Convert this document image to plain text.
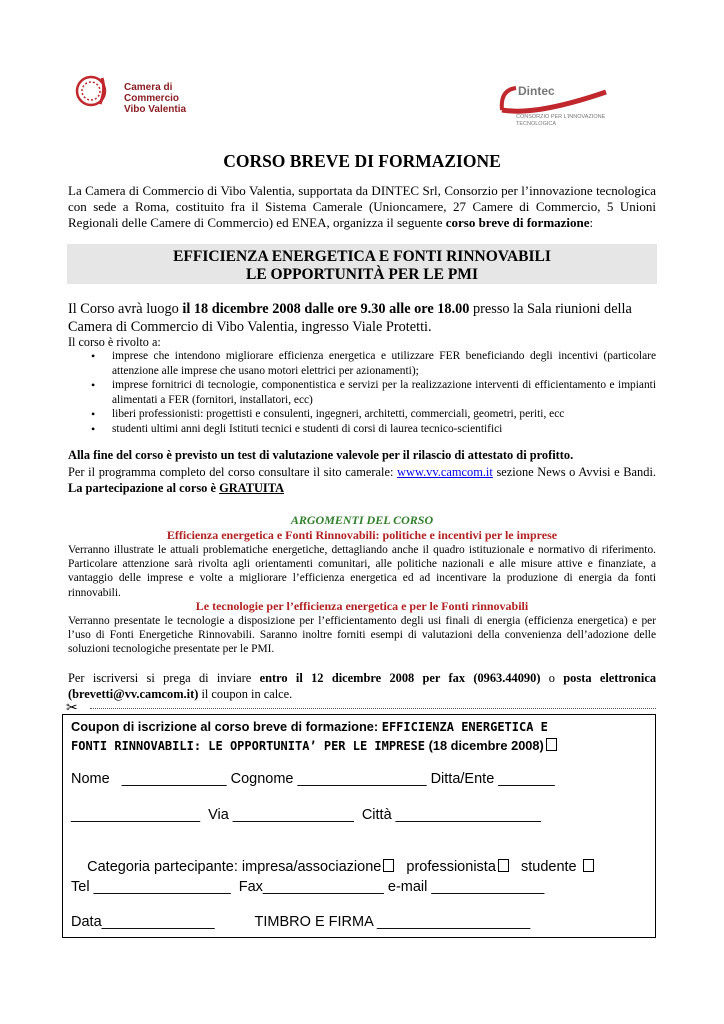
Camera di Commercio
Vibo Valentia
Dintec
CONSORZIO PER L'INNOVAZIONE
TECNOLOGICA
CORSO BREVE DI FORMAZIONE
La Camera di Commercio di Vibo Valentia, supportata da DINTEC Srl, Consorzio per l’innovazione tecnologica con sede a Roma, costituito fra il Sistema Camerale (Unioncamere, 27 Camere di Commercio, 5 Unioni Regionali delle Camere di Commercio) ed ENEA, organizza il seguente corso breve di formazione:
EFFICIENZA ENERGETICA E FONTI RINNOVABILI
LE OPPORTUNITÀ PER LE PMI
Il Corso avrà luogo il 18 dicembre 2008 dalle ore 9.30 alle ore 18.00 presso la Sala riunioni della Camera di Commercio di Vibo Valentia, ingresso Viale Protetti.
Il corso è rivolto a:
• imprese che intendono migliorare efficienza energetica e utilizzare FER beneficiando degli incentivi (particolare attenzione alle imprese che usano motori elettrici per azionamenti);
• imprese fornitrici di tecnologie, componentistica e servizi per la realizzazione interventi di efficientamento e impianti alimentati a FER (fornitori, installatori, ecc)
• liberi professionisti: progettisti e consulenti, ingegneri, architetti, commerciali, geometri, periti, ecc
• studenti ultimi anni degli Istituti tecnici e studenti di corsi di laurea tecnico-scientifici
Alla fine del corso è previsto un test di valutazione valevole per il rilascio di attestato di profitto.
Per il programma completo del corso consultare il sito camerale: www.vv.camcom.it sezione News o Avvisi e Bandi. La partecipazione al corso è GRATUITA
ARGOMENTI DEL CORSO
Efficienza energetica e Fonti Rinnovabili: politiche e incentivi per le imprese
Verranno illustrate le attuali problematiche energetiche, dettagliando anche il quadro istituzionale e normativo di riferimento. Particolare attenzione sarà rivolta agli orientamenti comunitari, alle politiche nazionali e alle misure attive e finanziate, a vantaggio delle imprese e volte a migliorare l’efficienza energetica ed ad incentivare la produzione di energia da fonti rinnovabili.
Le tecnologie per l’efficienza energetica e per le Fonti rinnovabili
Verranno presentate le tecnologie a disposizione per l’efficientamento degli usi finali di energia (efficienza energetica) e per l’uso di Fonti Energetiche Rinnovabili. Saranno inoltre forniti esempi di valutazioni della convenienza dell’adozione delle soluzioni tecnologiche presentate per le PMI.
Per iscriversi si prega di inviare entro il 12 dicembre 2008 per fax (0963.44090) o posta elettronica (brevetti@vv.camcom.it) il coupon in calce.
✂
Coupon di iscrizione al corso breve di formazione: EFFICIENZA ENERGETICA E
FONTI RINNOVABILI: LE OPPORTUNITA’ PER LE IMPRESE (18 dicembre 2008)
Nome   _____________ Cognome ________________ Ditta/Ente _______
________________  Via _______________  Città __________________

Categoria partecipante: impresa/associazione   professionista   studente

Tel _________________  Fax_______________ e-mail ______________
Data______________          TIMBRO E FIRMA ___________________
